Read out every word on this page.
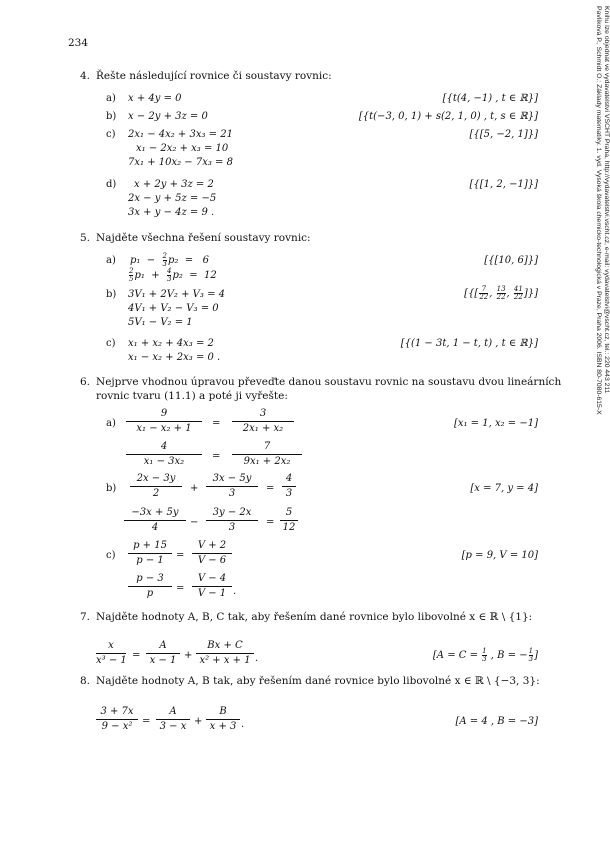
Pavlíková P., Schmidt O.: Základy matematiky. 1. vyd. Vysoká škola chemicko-technologická v Praze, Praha 2006. ISBN 80-7080-615-X Knihu lze objednat ve vydavatelství VŠCHT Praha, http://vydavatelstvi.vscht.cz, e-mail: vydavatelstvi@vscht.cz, tel.: 220 443 211
234
4. Řešte následující rovnice či soustavy rovnic:
a) x + 4y = 0	[{t(4, −1) , t ∈ ℝ}]
b) x − 2y + 3z = 0	[{t(−3, 0, 1) + s(2, 1, 0) , t, s ∈ ℝ}]
c) 2x₁ − 4x₂ + 3x₃ = 21
x₁ − 2x₂ + x₃ = 10
7x₁ + 10x₂ − 7x₃ = 8
[{[5, −2, 1]}]
d) x + 2y + 3z = 2
2x − y + 5z = −5
3x + y − 4z = 9 .
[{[1, 2, −1]}]
5. Najděte všechna řešení soustavy rovnic:
a) $p_1 - \frac{2}{3} p_2 = 6$
$\frac{2}{5} p_1 + \frac{4}{3} p_2 = 12$
[{[10, 6]}]
b) 3V₁ + 2V₂ + V₃ = 4
4V₁ + V₂ − V₃ = 0
5V₁ − V₂ = 1
[{[ $\frac{7}{22}$ , $\frac{13}{22}$ , $\frac{41}{22}$ ]}]
c) x₁ + x₂ + 4x₃ = 2
x₁ − x₂ + 2x₃ = 0 .
[{(1 − 3t, 1 − t, t) , t ∈ ℝ}]
6. Nejprve vhodnou úpravou převeďte danou soustavu rovnic na soustavu dvou lineárních
rovnic tvaru (11.1) a poté ji vyřešte:
a)
9
x₁ − x₂ + 1	=
3
2x₁ + x₂	[x₁ = 1, x₂ = −1]
4
x₁ − 3x₂	=
7
9x₁ + 2x₂
b)
2x − 3y
2	+
3x − 5y
3	=
4
3	[x = 7, y = 4]
−3x + 5y
4	−
3y − 2x
3	=
5
12
c)
p + 15
p − 1	=
V + 2
V − 6	[p = 9, V = 10]
p − 3
p	=
V − 4
V − 1 .
7. Najděte hodnoty A, B, C tak, aby řešením dané rovnice bylo libovolné x ∈ ℝ \ {1}:
x
x³ − 1 =
A
x − 1 +
Bx + C
x² + x + 1 .	[$A = C = \frac{1}{3}$ , B = − $\frac{1}{3}$ ]
8. Najděte hodnoty A, B tak, aby řešením dané rovnice bylo libovolné x ∈ ℝ \ {−3, 3}:
3 + 7x
9 − x² =
A
3 − x +
B
x + 3 .	[A = 4 , B = −3]
